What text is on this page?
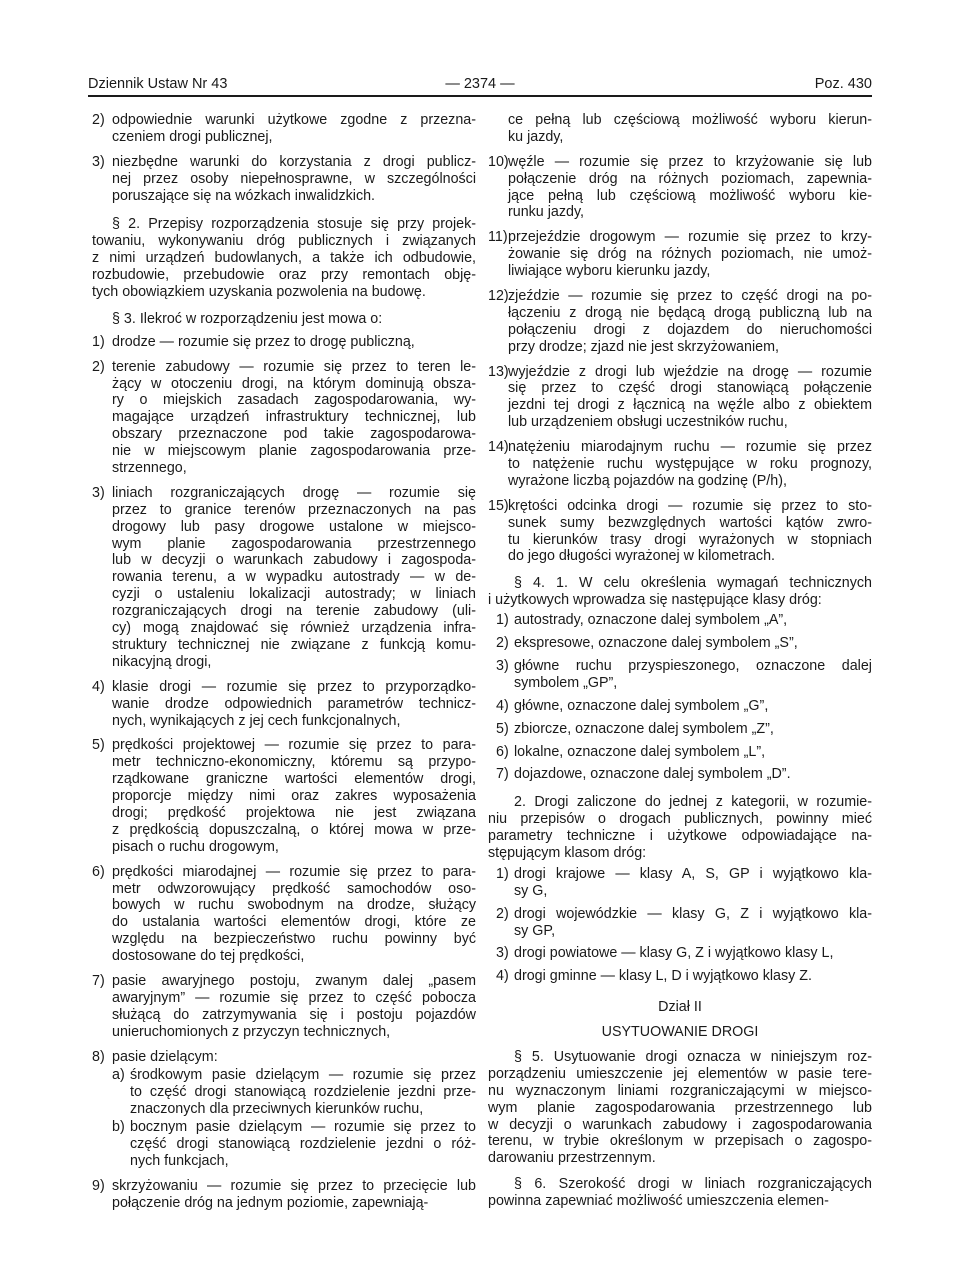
Dziennik Ustaw Nr 43	— 2374 —	Poz. 430
2) odpowiednie warunki użytkowe zgodne z przezna-
czeniem drogi publicznej,
3) niezbędne warunki do korzystania z drogi publicz-
nej przez osoby niepełnosprawne, w szczególności
poruszające się na wózkach inwalidzkich.
§ 2. Przepisy rozporządzenia stosuje się przy projek-
towaniu, wykonywaniu dróg publicznych i związanych
z nimi urządzeń budowlanych, a także ich odbudowie,
rozbudowie, przebudowie oraz przy remontach obję-
tych obowiązkiem uzyskania pozwolenia na budowę.
§ 3. Ilekroć w rozporządzeniu jest mowa o:
1) drodze — rozumie się przez to drogę publiczną,
2) terenie zabudowy — rozumie się przez to teren le-
żący w otoczeniu drogi, na którym dominują obsza-
ry o miejskich zasadach zagospodarowania, wy-
magające urządzeń infrastruktury technicznej, lub
obszary przeznaczone pod takie zagospodarowa-
nie w miejscowym planie zagospodarowania prze-
strzennego,
3) liniach rozgraniczających drogę — rozumie się
przez to granice terenów przeznaczonych na pas
drogowy lub pasy drogowe ustalone w miejsco-
wym planie zagospodarowania przestrzennego
lub w decyzji o warunkach zabudowy i zagospoda-
rowania terenu, a w wypadku autostrady — w de-
cyzji o ustaleniu lokalizacji autostrady; w liniach
rozgraniczających drogi na terenie zabudowy (uli-
cy) mogą znajdować się również urządzenia infra-
struktury technicznej nie związane z funkcją komu-
nikacyjną drogi,
4) klasie drogi — rozumie się przez to przyporządko-
wanie drodze odpowiednich parametrów technicz-
nych, wynikających z jej cech funkcjonalnych,
5) prędkości projektowej — rozumie się przez to para-
metr techniczno-ekonomiczny, któremu są przypo-
rządkowane graniczne wartości elementów drogi,
proporcje między nimi oraz zakres wyposażenia
drogi; prędkość projektowa nie jest związana
z prędkością dopuszczalną, o której mowa w prze-
pisach o ruchu drogowym,
6) prędkości miarodajnej — rozumie się przez to para-
metr odwzorowujący prędkość samochodów oso-
bowych w ruchu swobodnym na drodze, służący
do ustalania wartości elementów drogi, które ze
względu na bezpieczeństwo ruchu powinny być
dostosowane do tej prędkości,
7) pasie awaryjnego postoju, zwanym dalej „pasem
awaryjnym” — rozumie się przez to część pobocza
służącą do zatrzymywania się i postoju pojazdów
unieruchomionych z przyczyn technicznych,
8) pasie dzielącym:
a) środkowym pasie dzielącym — rozumie się przez
to część drogi stanowiącą rozdzielenie jezdni prze-
znaczonych dla przeciwnych kierunków ruchu,
b) bocznym pasie dzielącym — rozumie się przez to
część drogi stanowiącą rozdzielenie jezdni o róż-
nych funkcjach,
9) skrzyżowaniu — rozumie się przez to przecięcie lub
połączenie dróg na jednym poziomie, zapewniają-
ce pełną lub częściową możliwość wyboru kierun-
ku jazdy,
10) węźle — rozumie się przez to krzyżowanie się lub
połączenie dróg na różnych poziomach, zapewnia-
jące pełną lub częściową możliwość wyboru kie-
runku jazdy,
11) przejeździe drogowym — rozumie się przez to krzy-
żowanie się dróg na różnych poziomach, nie umoż-
liwiające wyboru kierunku jazdy,
12) zjeździe — rozumie się przez to część drogi na po-
łączeniu z drogą nie będącą drogą publiczną lub na
połączeniu drogi z dojazdem do nieruchomości
przy drodze; zjazd nie jest skrzyżowaniem,
13) wyjeździe z drogi lub wjeździe na drogę — rozumie
się przez to część drogi stanowiącą połączenie
jezdni tej drogi z łącznicą na węźle albo z obiektem
lub urządzeniem obsługi uczestników ruchu,
14) natężeniu miarodajnym ruchu — rozumie się przez
to natężenie ruchu występujące w roku prognozy,
wyrażone liczbą pojazdów na godzinę (P/h),
15) krętości odcinka drogi — rozumie się przez to sto-
sunek sumy bezwzględnych wartości kątów zwro-
tu kierunków trasy drogi wyrażonych w stopniach
do jego długości wyrażonej w kilometrach.
§ 4. 1. W celu określenia wymagań technicznych
i użytkowych wprowadza się następujące klasy dróg:
1) autostrady, oznaczone dalej symbolem „A”,
2) ekspresowe, oznaczone dalej symbolem „S”,
3) główne ruchu przyspieszonego, oznaczone dalej
symbolem „GP”,
4) główne, oznaczone dalej symbolem „G”,
5) zbiorcze, oznaczone dalej symbolem „Z”,
6) lokalne, oznaczone dalej symbolem „L”,
7) dojazdowe, oznaczone dalej symbolem „D”.
2. Drogi zaliczone do jednej z kategorii, w rozumie-
niu przepisów o drogach publicznych, powinny mieć
parametry techniczne i użytkowe odpowiadające na-
stępującym klasom dróg:
1) drogi krajowe — klasy A, S, GP i wyjątkowo kla-
sy G,
2) drogi wojewódzkie — klasy G, Z i wyjątkowo kla-
sy GP,
3) drogi powiatowe — klasy G, Z i wyjątkowo klasy L,
4) drogi gminne — klasy L, D i wyjątkowo klasy Z.
Dział II
USYTUOWANIE DROGI
§ 5. Usytuowanie drogi oznacza w niniejszym roz-
porządzeniu umieszczenie jej elementów w pasie tere-
nu wyznaczonym liniami rozgraniczającymi w miejsco-
wym planie zagospodarowania przestrzennego lub
w decyzji o warunkach zabudowy i zagospodarowania
terenu, w trybie określonym w przepisach o zagospo-
darowaniu przestrzennym.
§ 6. Szerokość drogi w liniach rozgraniczających
powinna zapewniać możliwość umieszczenia elemen-
